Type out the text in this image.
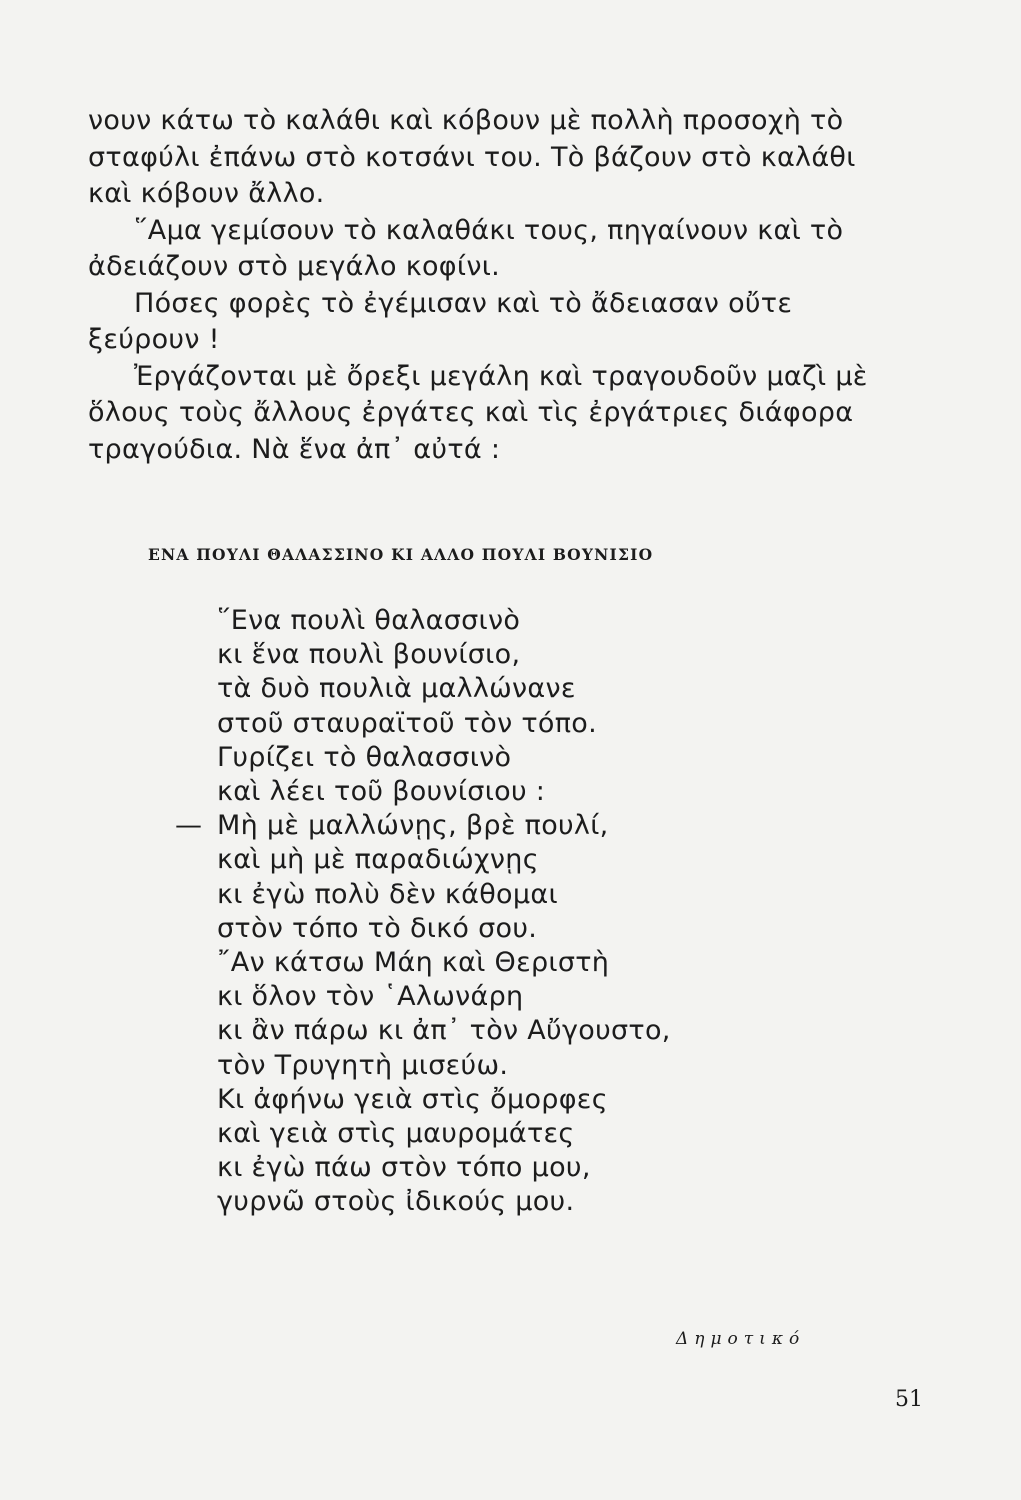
νουν κάτω τὸ καλάθι καὶ κόβουν μὲ πολλὴ προσοχὴ τὸ σταφύλι ἐπάνω στὸ κοτσάνι του. Τὸ βάζουν στὸ καλάθι καὶ κόβουν ἄλλο.

῞Αμα γεμίσουν τὸ καλαθάκι τους, πηγαίνουν καὶ τὸ ἀδειάζουν στὸ μεγάλο κοφίνι.

Πόσες φορὲς τὸ ἐγέμισαν καὶ τὸ ἄδειασαν οὔτε ξεύρουν !

Ἐργάζονται μὲ ὄρεξι μεγάλη καὶ τραγουδοῦν μαζὶ μὲ ὅλους τοὺς ἄλλους ἐργάτες καὶ τὶς ἐργάτριες διάφορα τραγούδια. Νὰ ἕνα ἀπ᾿ αὐτά :

ΕΝΑ ΠΟΥΛΙ ΘΑΛΑΣΣΙΝΟ ΚΙ ΑΛΛΟ ΠΟΥΛΙ ΒΟΥΝΙΣΙΟ
῞Ενα πουλὶ θαλασσινὸ
κι ἕνα πουλὶ βουνίσιο,
τὰ δυὸ πουλιὰ μαλλώνανε
στοῦ σταυραϊτοῦ τὸν τόπο.
Γυρίζει τὸ θαλασσινὸ
καὶ λέει τοῦ βουνίσιου :
— Μὴ μὲ μαλλώνῃς, βρὲ πουλί,
καὶ μὴ μὲ παραδιώχνῃς
κι ἐγὼ πολὺ δὲν κάθομαι
στὸν τόπο τὸ δικό σου.
῎Αν κάτσω Μάη καὶ Θεριστὴ
κι ὅλον τὸν ῾Αλωνάρη
κι ἂν πάρω κι ἀπ᾿ τὸν Αὔγουστο,
τὸν Τρυγητὴ μισεύω.
Κι ἀφήνω γειὰ στὶς ὄμορφες
καὶ γειὰ στὶς μαυρομάτες
κι ἐγὼ πάω στὸν τόπο μου,
γυρνῶ στοὺς ἰδικούς μου.

Δημοτικό

51
